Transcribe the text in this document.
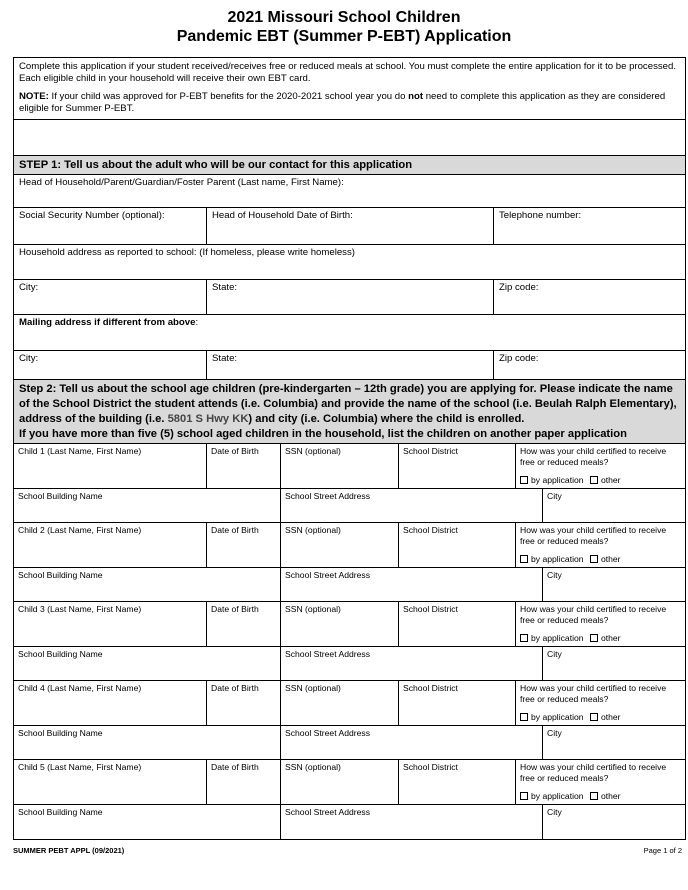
2021 Missouri School Children
Pandemic EBT (Summer P-EBT) Application

Complete this application if your student received/receives free or reduced meals at school. You must complete the entire application for it to be processed. Each eligible child in your household will receive their own EBT card.

NOTE: If your child was approved for P-EBT benefits for the 2020-2021 school year you do not need to complete this application as they are considered eligible for Summer P-EBT.

STEP 1: Tell us about the adult who will be our contact for this application
Head of Household/Parent/Guardian/Foster Parent (Last name, First Name):
Social Security Number (optional):	Head of Household Date of Birth:	Telephone number:
Household address as reported to school: (If homeless, please write homeless)
City:	State:	Zip code:
Mailing address if different from above:
City:	State:	Zip code:
Step 2: Tell us about the school age children (pre-kindergarten – 12th grade) you are applying for. Please indicate the name of the School District the student attends (i.e. Columbia) and provide the name of the school (i.e. Beulah Ralph Elementary), address of the building (i.e. 5801 S Hwy KK) and city (i.e. Columbia) where the child is enrolled.
If you have more than five (5) school aged children in the household, list the children on another paper application
Child 1 (Last Name, First Name)	Date of Birth	SSN (optional)	School District	How was your child certified to receive free or reduced meals?
by application other
School Building Name	School Street Address	City
Child 2 (Last Name, First Name)	Date of Birth	SSN (optional)	School District	How was your child certified to receive free or reduced meals?
by application other
School Building Name	School Street Address	City
Child 3 (Last Name, First Name)	Date of Birth	SSN (optional)	School District	How was your child certified to receive free or reduced meals?
by application other
School Building Name	School Street Address	City
Child 4 (Last Name, First Name)	Date of Birth	SSN (optional)	School District	How was your child certified to receive free or reduced meals?
by application other
School Building Name	School Street Address	City
Child 5 (Last Name, First Name)	Date of Birth	SSN (optional)	School District	How was your child certified to receive free or reduced meals?
by application other
School Building Name	School Street Address	City
SUMMER PEBT APPL (09/2021)	Page 1 of 2
